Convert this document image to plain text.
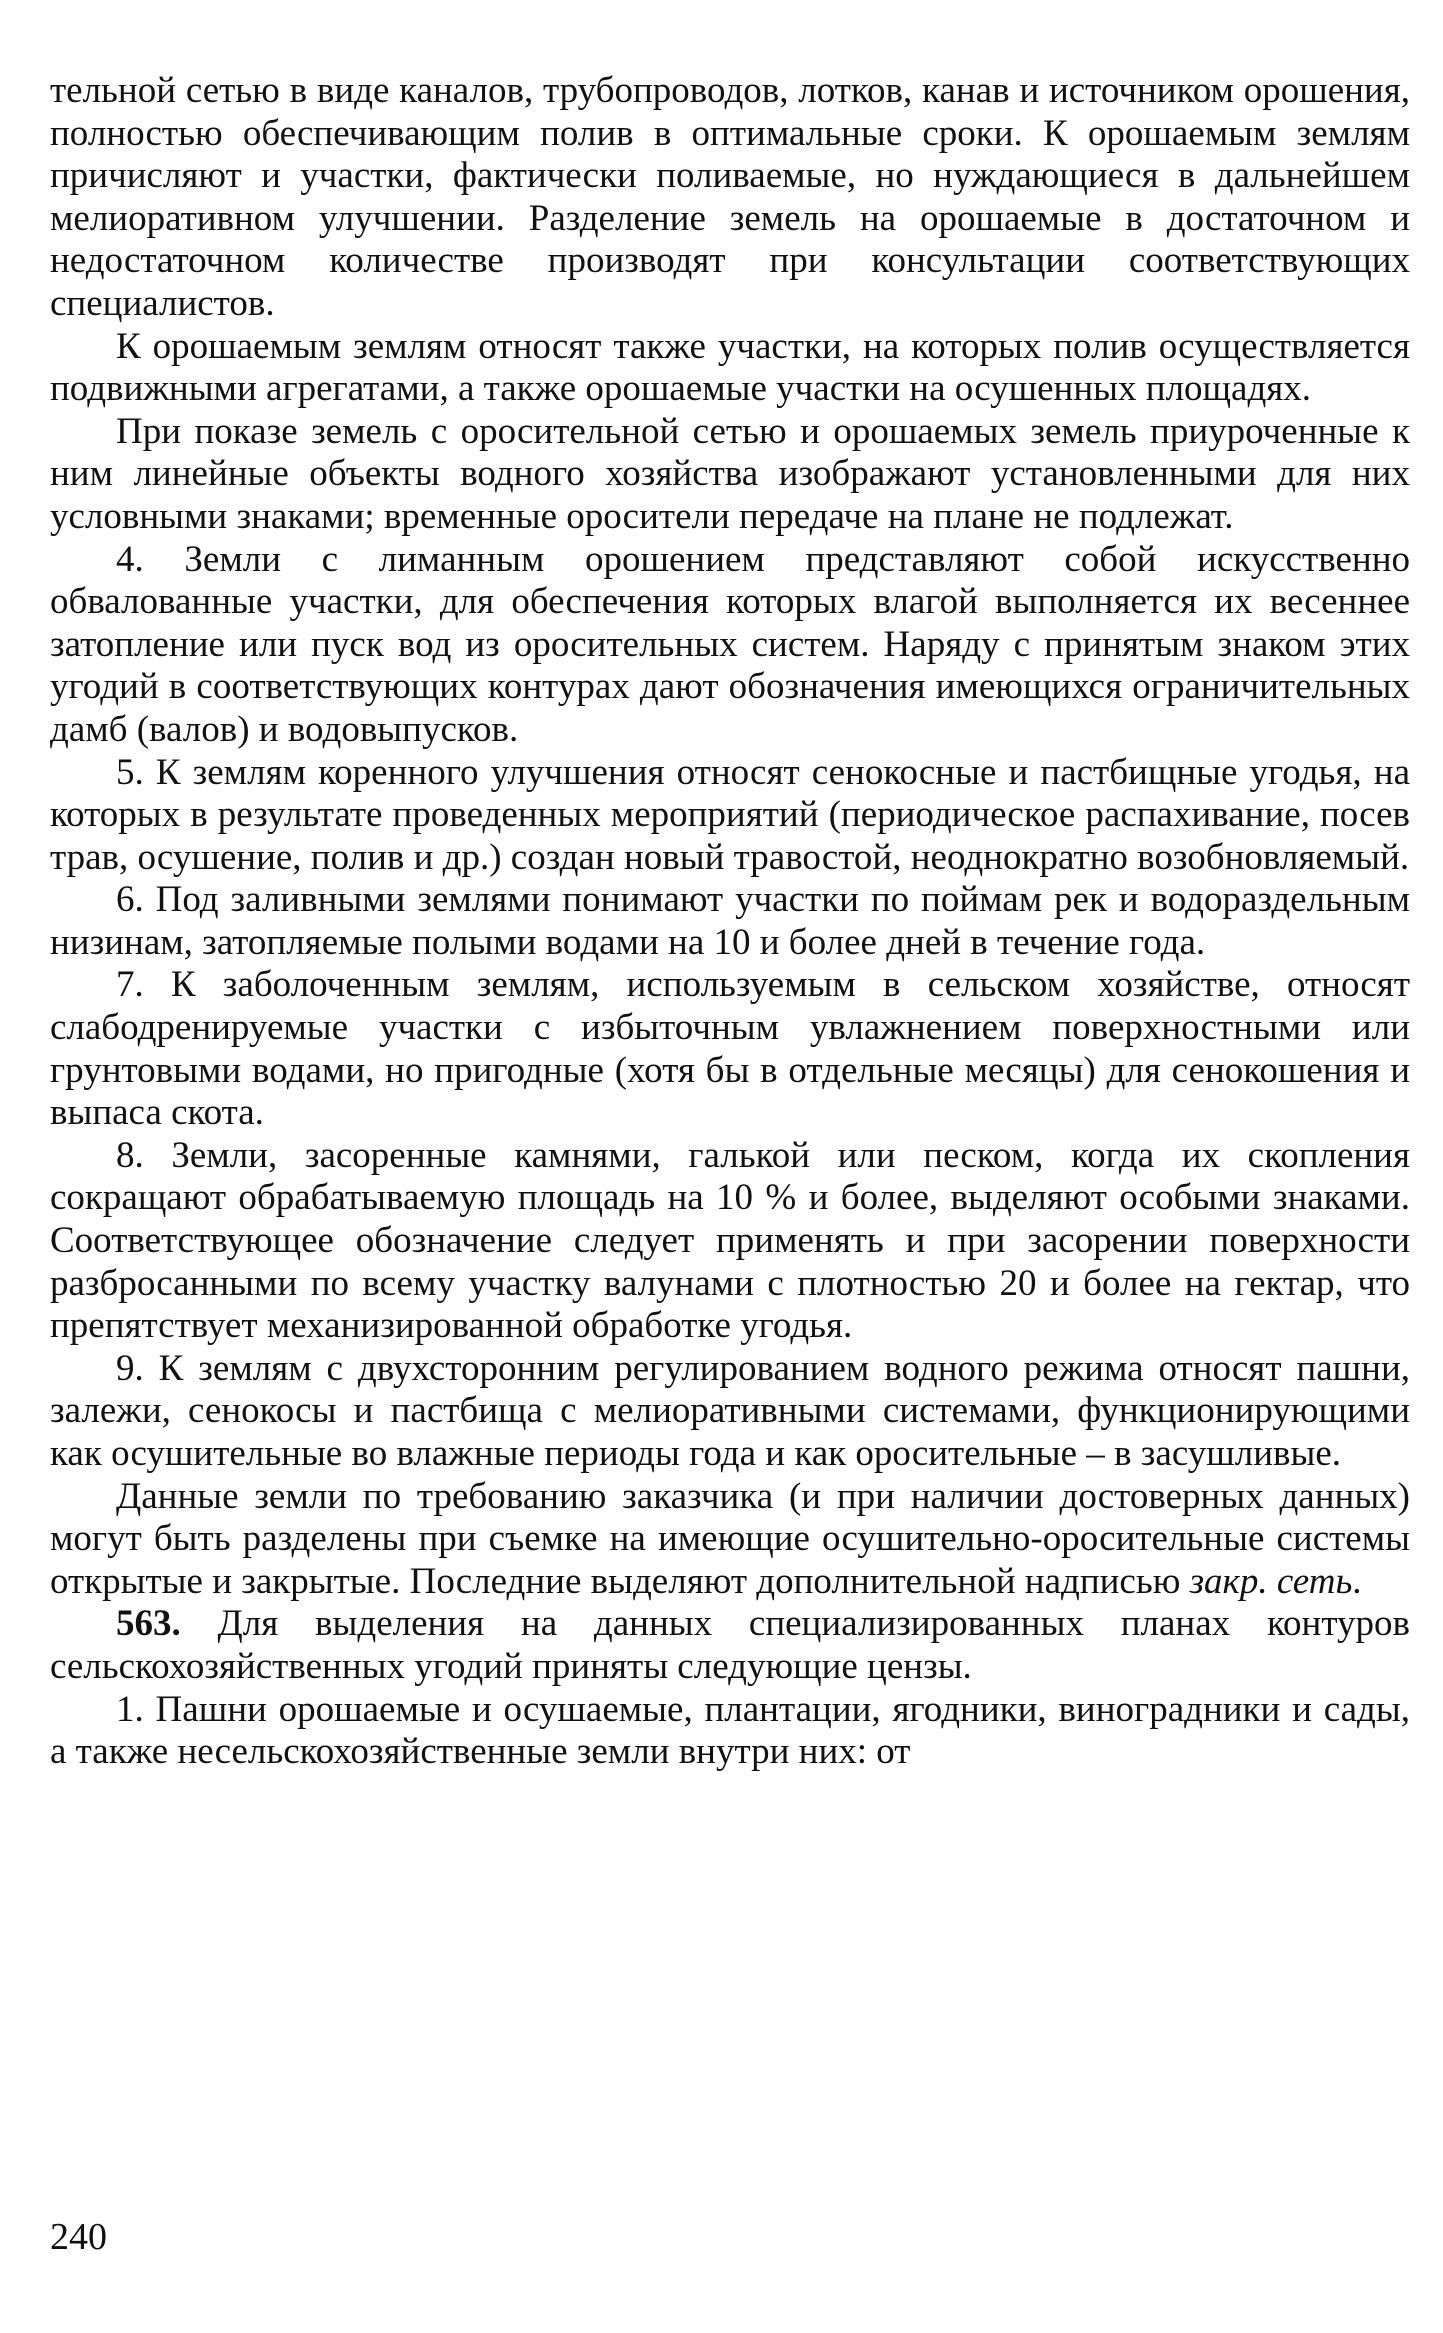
тельной сетью в виде каналов, трубопроводов, лотков, канав и источником орошения, полностью обеспечивающим полив в оптимальные сроки. К орошаемым землям причисляют и участки, фактически поливаемые, но нуждающиеся в дальнейшем мелиоративном улучшении. Разделение земель на орошаемые в достаточном и недостаточном количестве производят при консультации соответствующих специалистов.

К орошаемым землям относят также участки, на которых полив осуществляется подвижными агрегатами, а также орошаемые участки на осушенных площадях.

При показе земель с оросительной сетью и орошаемых земель приуроченные к ним линейные объекты водного хозяйства изображают установленными для них условными знаками; временные оросители передаче на плане не подлежат.

4. Земли с лиманным орошением представляют собой искусственно обвалованные участки, для обеспечения которых влагой выполняется их весеннее затопление или пуск вод из оросительных систем. Наряду с принятым знаком этих угодий в соответствующих контурах дают обозначения имеющихся ограничительных дамб (валов) и водовыпусков.

5. К землям коренного улучшения относят сенокосные и пастбищные угодья, на которых в результате проведенных мероприятий (периодическое распахивание, посев трав, осушение, полив и др.) создан новый травостой, неоднократно возобновляемый.

6. Под заливными землями понимают участки по поймам рек и водораздельным низинам, затопляемые полыми водами на 10 и более дней в течение года.

7. К заболоченным землям, используемым в сельском хозяйстве, относят слабодренируемые участки с избыточным увлажнением поверхностными или грунтовыми водами, но пригодные (хотя бы в отдельные месяцы) для сенокошения и выпаса скота.

8. Земли, засоренные камнями, галькой или песком, когда их скопления сокращают обрабатываемую площадь на 10 % и более, выделяют особыми знаками. Соответствующее обозначение следует применять и при засорении поверхности разбросанными по всему участку валунами с плотностью 20 и более на гектар, что препятствует механизированной обработке угодья.

9. К землям с двухсторонним регулированием водного режима относят пашни, залежи, сенокосы и пастбища с мелиоративными системами, функционирующими как осушительные во влажные периоды года и как оросительные – в засушливые.

Данные земли по требованию заказчика (и при наличии достоверных данных) могут быть разделены при съемке на имеющие осушительно-оросительные системы открытые и закрытые. Последние выделяют дополнительной надписью закр. сеть.

563. Для выделения на данных специализированных планах контуров сельскохозяйственных угодий приняты следующие цензы.

1. Пашни орошаемые и осушаемые, плантации, ягодники, виноградники и сады, а также несельскохозяйственные земли внутри них: от

240
